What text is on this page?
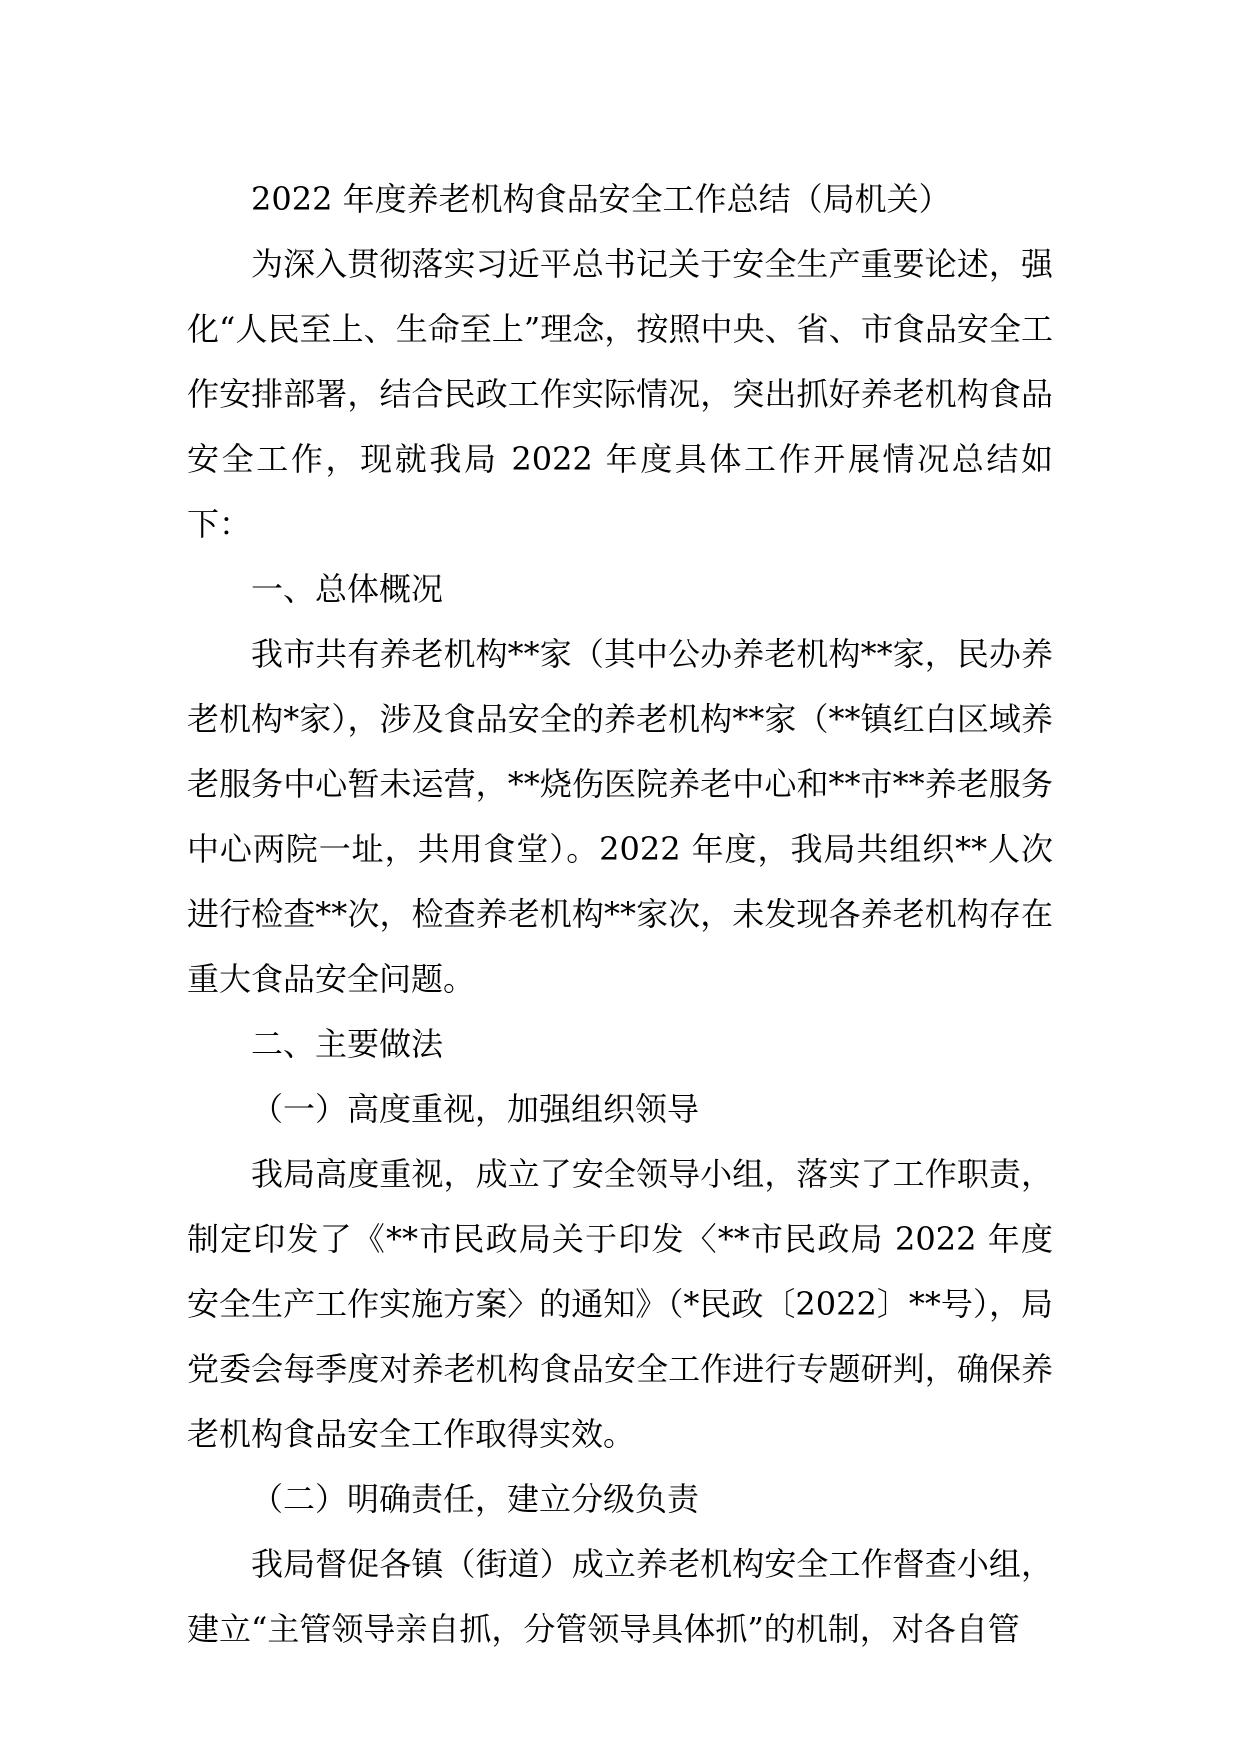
2022 年度养老机构食品安全工作总结（局机关）

为深入贯彻落实习近平总书记关于安全生产重要论述，强化“人民至上、生命至上”理念，按照中央、省、市食品安全工作安排部署，结合民政工作实际情况，突出抓好养老机构食品安全工作，现就我局 2022 年度具体工作开展情况总结如下：

一、总体概况

我市共有养老机构**家（其中公办养老机构**家，民办养老机构*家），涉及食品安全的养老机构**家（**镇红白区域养老服务中心暂未运营，**烧伤医院养老中心和**市**养老服务中心两院一址，共用食堂）。2022 年度，我局共组织**人次进行检查**次，检查养老机构**家次，未发现各养老机构存在重大食品安全问题。

二、主要做法

（一）高度重视，加强组织领导

我局高度重视，成立了安全领导小组，落实了工作职责，制定印发了《**市民政局关于印发〈**市民政局 2022 年度安全生产工作实施方案〉的通知》（*民政〔2022〕**号），局党委会每季度对养老机构食品安全工作进行专题研判，确保养老机构食品安全工作取得实效。

（二）明确责任，建立分级负责

我局督促各镇（街道）成立养老机构安全工作督查小组，建立“主管领导亲自抓，分管领导具体抓”的机制，对各自管
